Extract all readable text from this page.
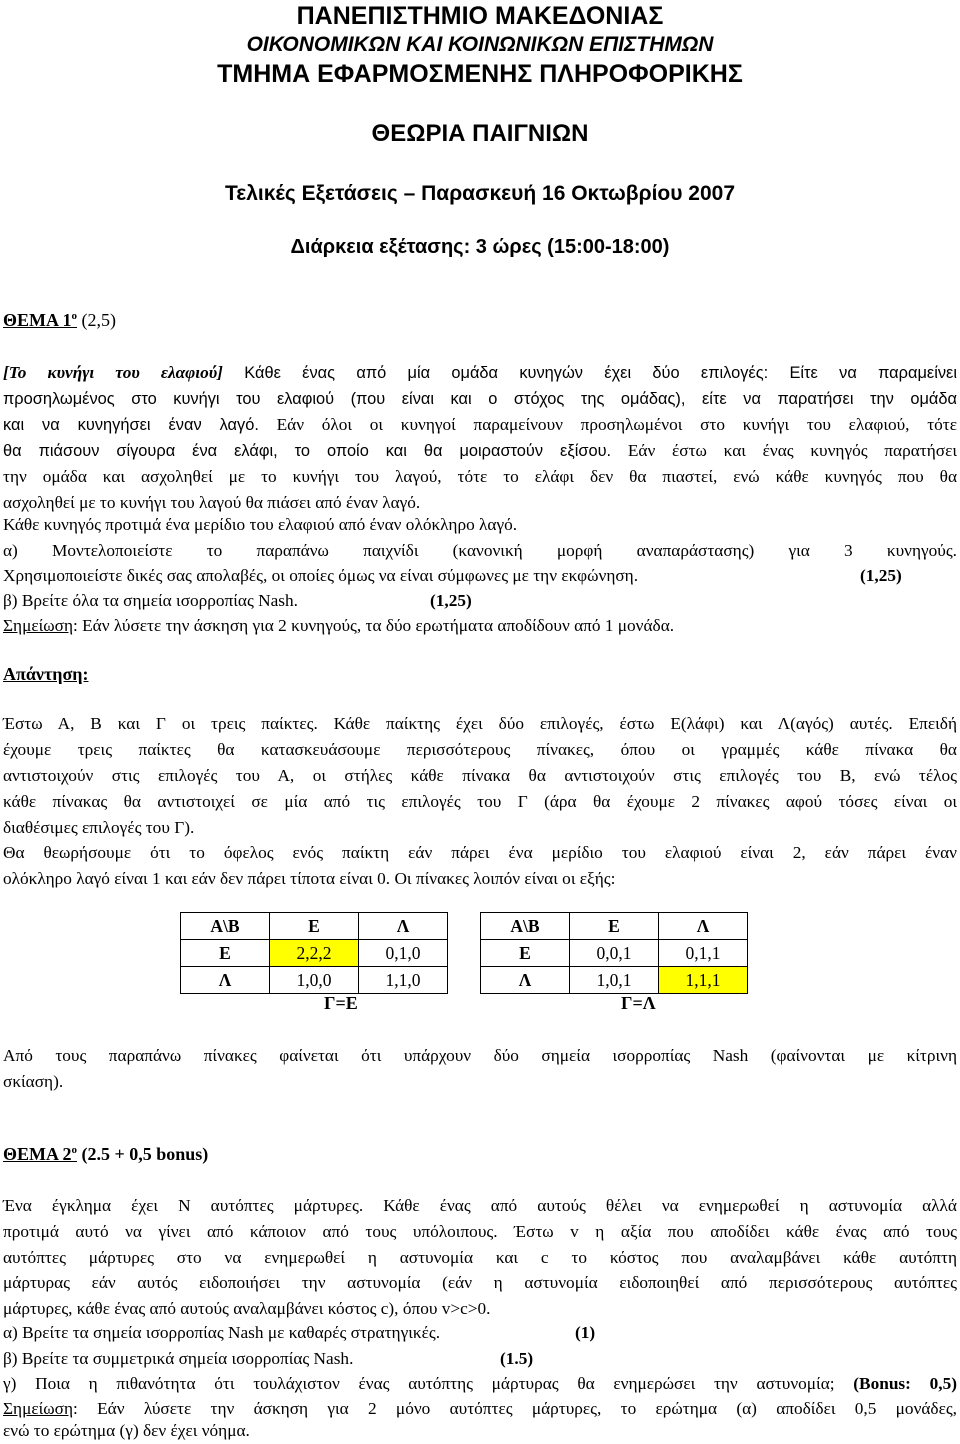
ΠΑΝΕΠΙΣΤΗΜΙΟ ΜΑΚΕΔΟΝΙΑΣ
ΟΙΚΟΝΟΜΙΚΩΝ ΚΑΙ ΚΟΙΝΩΝΙΚΩΝ ΕΠΙΣΤΗΜΩΝ
ΤΜΗΜΑ ΕΦΑΡΜΟΣΜΕΝΗΣ ΠΛΗΡΟΦΟΡΙΚΗΣ
ΘΕΩΡΙΑ ΠΑΙΓΝΙΩΝ
Τελικές Εξετάσεις – Παρασκευή 16 Οκτωβρίου 2007
Διάρκεια εξέτασης: 3 ώρες (15:00-18:00)
ΘΕΜΑ $1^o$ (2,5)
[Το κυνήγι του ελαφιού] Κάθε ένας από μία ομάδα κυνηγών έχει δύο επιλογές: Είτε να παραμείνει
προσηλωμένος στο κυνήγι του ελαφιού (που είναι και ο στόχος της ομάδας), είτε να παρατήσει την ομάδα
και να κυνηγήσει έναν λαγό. Εάν όλοι οι κυνηγοί παραμείνουν προσηλωμένοι στο κυνήγι του ελαφιού, τότε
θα πιάσουν σίγουρα ένα ελάφι, το οποίο και θα μοιραστούν εξίσου. Εάν έστω και ένας κυνηγός παρατήσει
την ομάδα και ασχοληθεί με το κυνήγι του λαγού, τότε το ελάφι δεν θα πιαστεί, ενώ κάθε κυνηγός που θα
ασχοληθεί με το κυνήγι του λαγού θα πιάσει από έναν λαγό.
Κάθε κυνηγός προτιμά ένα μερίδιο του ελαφιού από έναν ολόκληρο λαγό.
α) Μοντελοποιείστε το παραπάνω παιχνίδι (κανονική μορφή αναπαράστασης) για 3 κυνηγούς.
Χρησιμοποιείστε δικές σας απολαβές, οι οποίες όμως να είναι σύμφωνες με την εκφώνηση.	(1,25)
β) Βρείτε όλα τα σημεία ισορροπίας Nash.	(1,25)
Σημείωση: Εάν λύσετε την άσκηση για 2 κυνηγούς, τα δύο ερωτήματα αποδίδουν από 1 μονάδα.
Απάντηση:
Έστω Α, Β και Γ οι τρεις παίκτες. Κάθε παίκτης έχει δύο επιλογές, έστω Ε(λάφι) και Λ(αγός) αυτές. Επειδή
έχουμε τρεις παίκτες θα κατασκευάσουμε περισσότερους πίνακες, όπου οι γραμμές κάθε πίνακα θα
αντιστοιχούν στις επιλογές του Α, οι στήλες κάθε πίνακα θα αντιστοιχούν στις επιλογές του Β, ενώ τέλος
κάθε πίνακας θα αντιστοιχεί σε μία από τις επιλογές του Γ (άρα θα έχουμε 2 πίνακες αφού τόσες είναι οι
διαθέσιμες επιλογές του Γ).
Θα θεωρήσουμε ότι το όφελος ενός παίκτη εάν πάρει ένα μερίδιο του ελαφιού είναι 2, εάν πάρει έναν
ολόκληρο λαγό είναι 1 και εάν δεν πάρει τίποτα είναι 0. Οι πίνακες λοιπόν είναι οι εξής:
Α\Β	Ε	Λ
Ε	2,2,2	0,1,0
Λ	1,0,0	1,1,0
Γ=Ε
Α\Β	Ε	Λ
Ε	0,0,1	0,1,1
Λ	1,0,1	1,1,1
Γ=Λ
Από τους παραπάνω πίνακες φαίνεται ότι υπάρχουν δύο σημεία ισορροπίας Nash (φαίνονται με κίτρινη
σκίαση).
ΘΕΜΑ $2^o$ (2.5 + 0,5 bonus)
Ένα έγκλημα έχει Ν αυτόπτες μάρτυρες. Κάθε ένας από αυτούς θέλει να ενημερωθεί η αστυνομία αλλά
προτιμά αυτό να γίνει από κάποιον από τους υπόλοιπους. Έστω v η αξία που αποδίδει κάθε ένας από τους
αυτόπτες μάρτυρες στο να ενημερωθεί η αστυνομία και c το κόστος που αναλαμβάνει κάθε αυτόπτη
μάρτυρας εάν αυτός ειδοποιήσει την αστυνομία (εάν η αστυνομία ειδοποιηθεί από περισσότερους αυτόπτες
μάρτυρες, κάθε ένας από αυτούς αναλαμβάνει κόστος c), όπου v>c>0.
α) Βρείτε τα σημεία ισορροπίας Nash με καθαρές στρατηγικές.	(1)
β) Βρείτε τα συμμετρικά σημεία ισορροπίας Nash.	(1.5)
γ) Ποια η πιθανότητα ότι τουλάχιστον ένας αυτόπτης μάρτυρας θα ενημερώσει την αστυνομία; (Bonus: 0,5)
Σημείωση: Εάν λύσετε την άσκηση για 2 μόνο αυτόπτες μάρτυρες, το ερώτημα (α) αποδίδει 0,5 μονάδες,
ενώ το ερώτημα (γ) δεν έχει νόημα.
